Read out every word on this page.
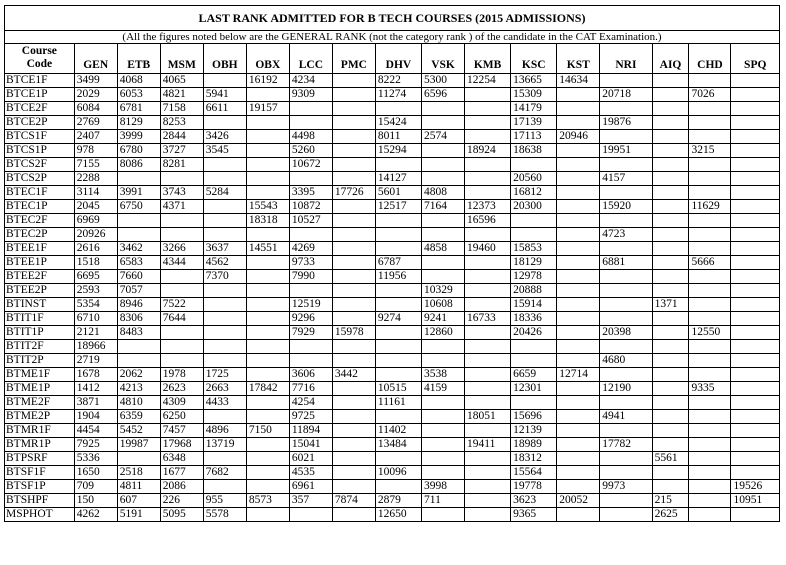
LAST RANK ADMITTED FOR B TECH COURSES (2015 ADMISSIONS)																
(All the figures noted below are the GENERAL RANK (not the category rank ) of the candidate in the CAT Examination.)																

Course
Code	GEN	ETB	MSM	OBH	OBX	LCC	PMC	DHV	VSK	KMB	KSC	KST	NRI	AIQ	CHD	SPQ
BTCE1F	3499	4068	4065		16192	4234		8222	5300	12254	13665	14634				
BTCE1P	2029	6053	4821	5941		9309		11274	6596		15309		20718		7026	
BTCE2F	6084	6781	7158	6611	19157						14179					
BTCE2P	2769	8129	8253					15424			17139		19876			
BTCS1F	2407	3999	2844	3426		4498		8011	2574		17113	20946				
BTCS1P	978	6780	3727	3545		5260		15294		18924	18638		19951		3215	
BTCS2F	7155	8086	8281			10672										
BTCS2P	2288							14127			20560		4157			
BTEC1F	3114	3991	3743	5284		3395	17726	5601	4808		16812					
BTEC1P	2045	6750	4371		15543	10872		12517	7164	12373	20300		15920		11629	
BTEC2F	6969				18318	10527				16596						
BTEC2P	20926												4723			
BTEE1F	2616	3462	3266	3637	14551	4269			4858	19460	15853					
BTEE1P	1518	6583	4344	4562		9733		6787			18129		6881		5666	
BTEE2F	6695	7660		7370		7990		11956			12978					
BTEE2P	2593	7057							10329		20888					
BTINST	5354	8946	7522			12519			10608		15914			1371		
BTIT1F	6710	8306	7644			9296		9274	9241	16733	18336					
BTIT1P	2121	8483				7929	15978		12860		20426		20398		12550	
BTIT2F	18966															
BTIT2P	2719												4680			
BTME1F	1678	2062	1978	1725		3606	3442		3538		6659	12714				
BTME1P	1412	4213	2623	2663	17842	7716		10515	4159		12301		12190		9335	
BTME2F	3871	4810	4309	4433		4254		11161								
BTME2P	1904	6359	6250			9725				18051	15696		4941			
BTMR1F	4454	5452	7457	4896	7150	11894		11402			12139					
BTMR1P	7925	19987	17968	13719		15041		13484		19411	18989		17782			
BTPSRF	5336		6348			6021					18312			5561		
BTSF1F	1650	2518	1677	7682		4535		10096			15564					
BTSF1P	709	4811	2086			6961			3998		19778		9973			19526
BTSHPF	150	607	226	955	8573	357	7874	2879	711		3623	20052		215		10951
MSPHOT	4262	5191	5095	5578				12650			9365			2625		
